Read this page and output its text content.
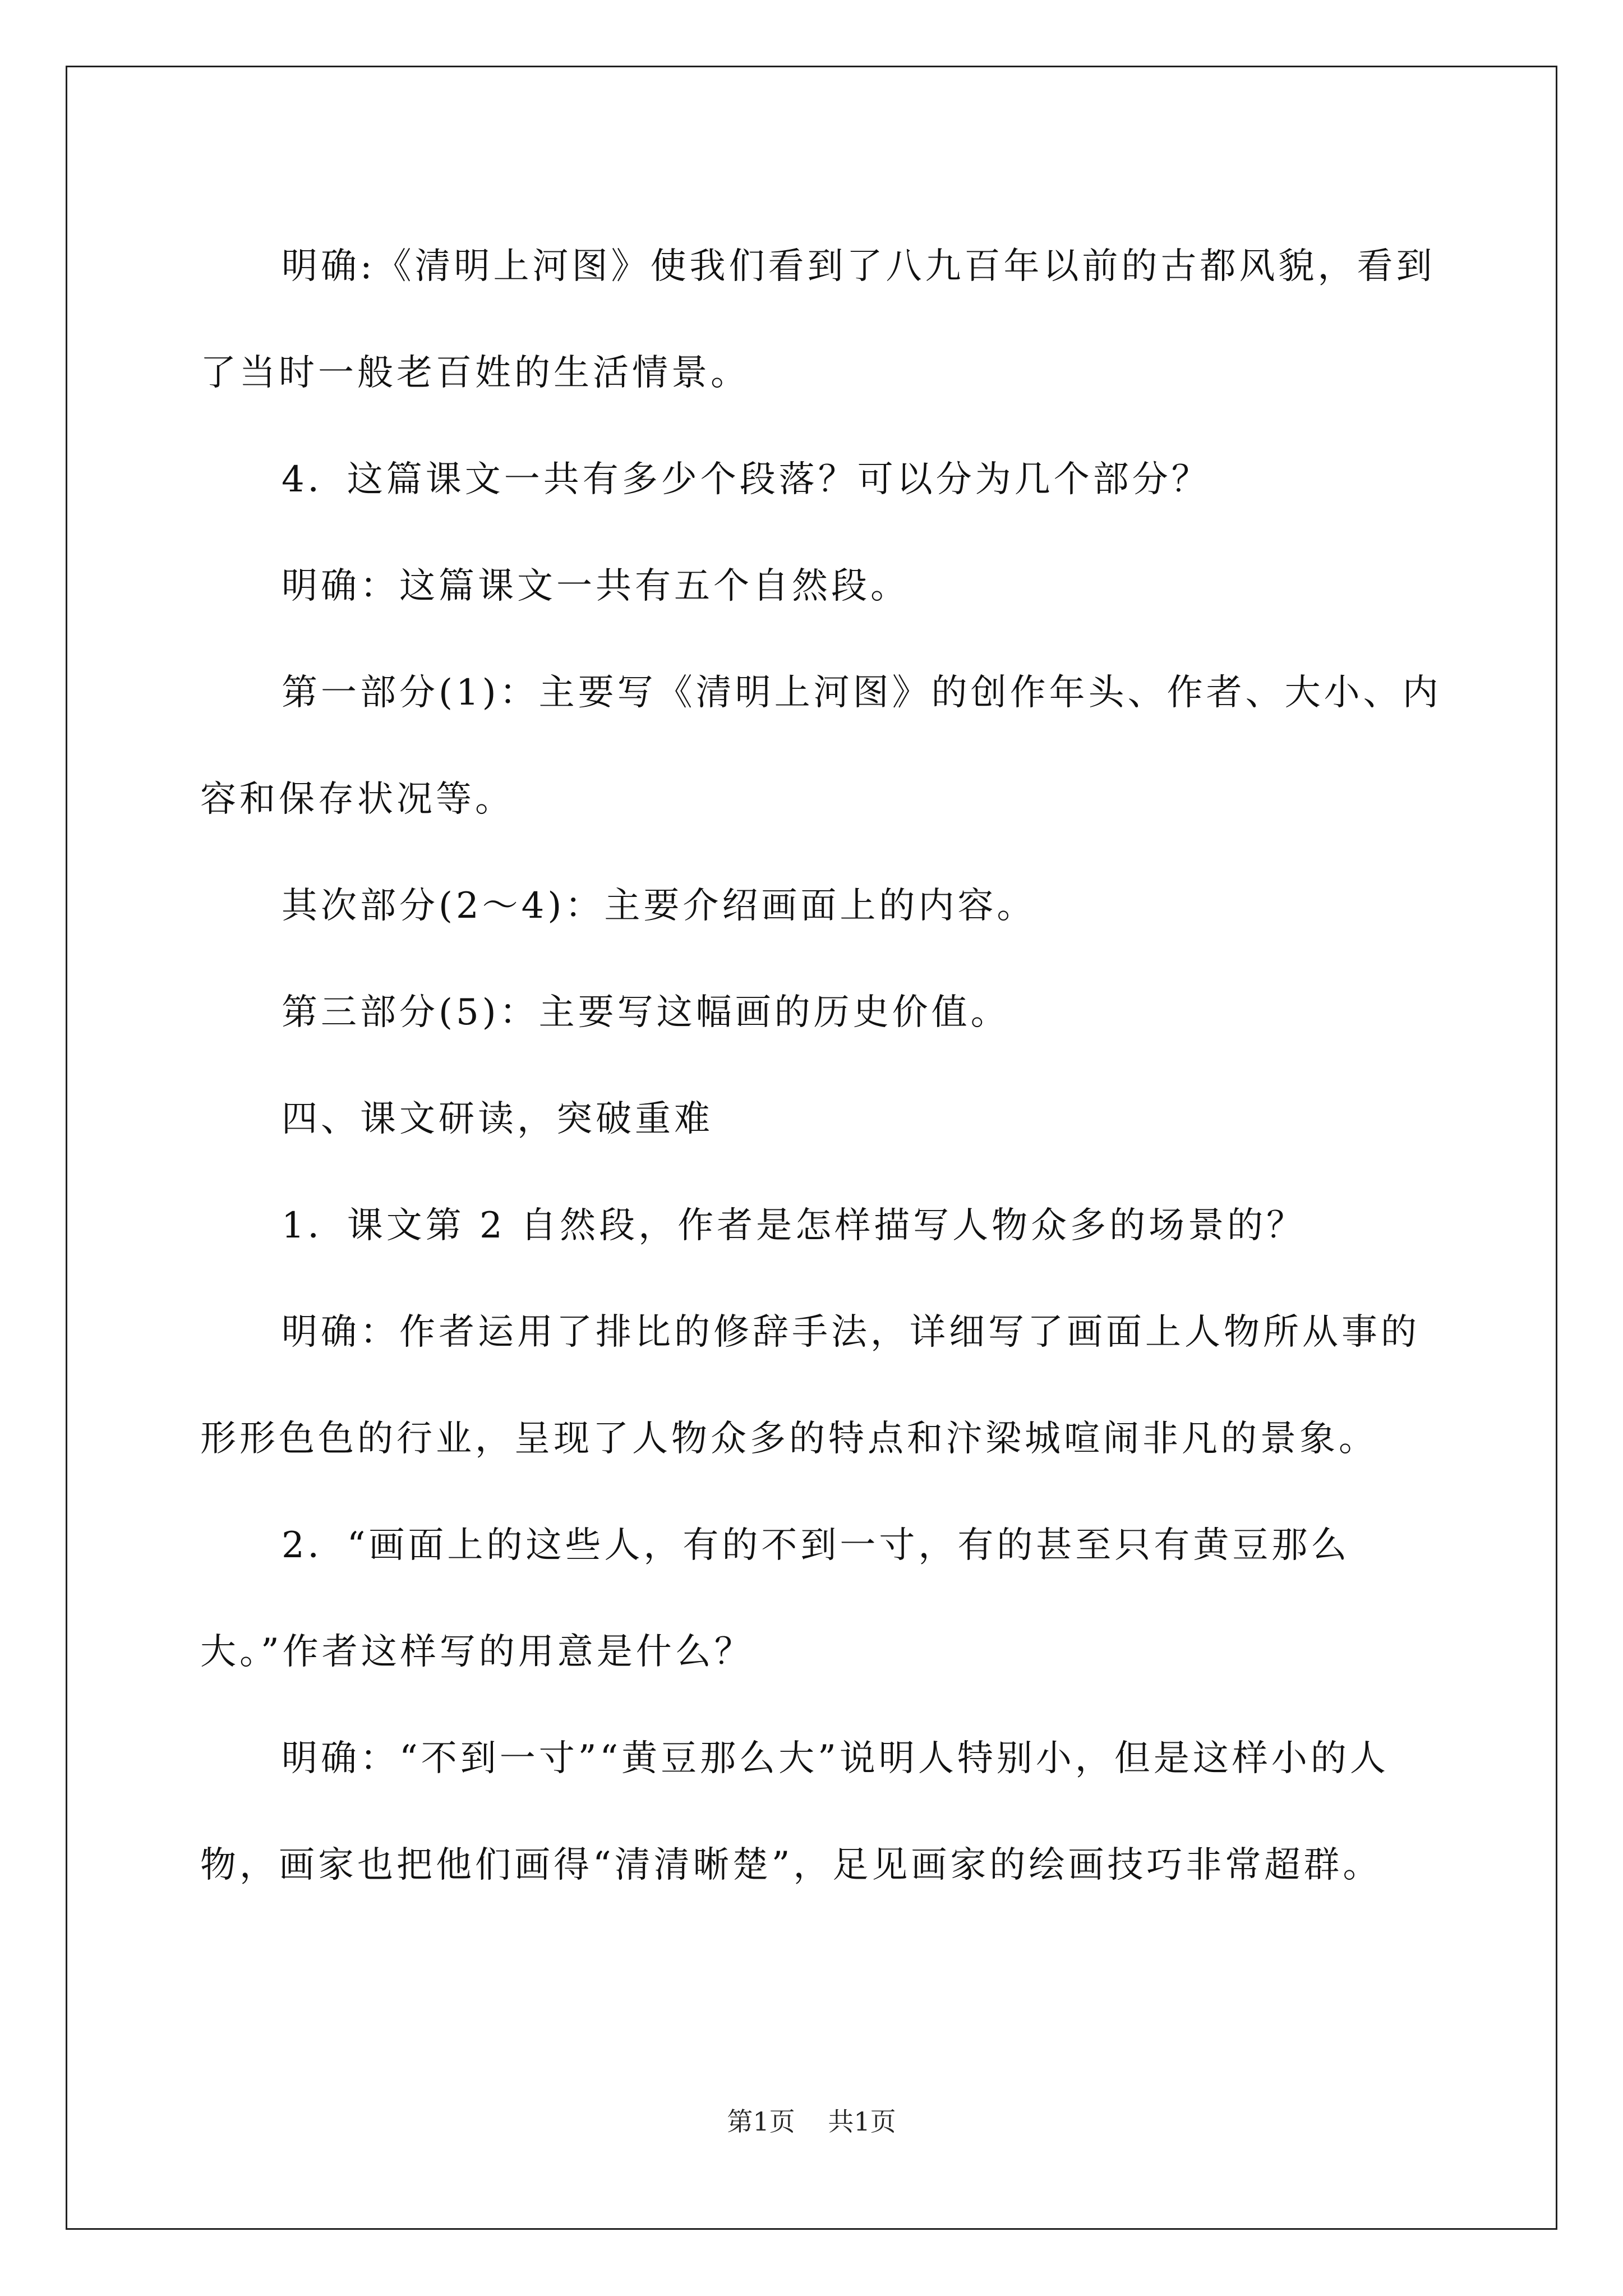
明确:《清明上河图》使我们看到了八九百年以前的古都风貌，看到了当时一般老百姓的生活情景。

4．这篇课文一共有多少个段落？可以分为几个部分？

明确：这篇课文一共有五个自然段。

第一部分(1)：主要写《清明上河图》的创作年头、作者、大小、内容和保存状况等。

其次部分(2～4)：主要介绍画面上的内容。

第三部分(5)：主要写这幅画的历史价值。

四、课文研读，突破重难

1．课文第 2 自然段，作者是怎样描写人物众多的场景的？

明确：作者运用了排比的修辞手法，详细写了画面上人物所从事的形形色色的行业，呈现了人物众多的特点和汴梁城喧闹非凡的景象。

2．“画面上的这些人，有的不到一寸，有的甚至只有黄豆那么大。”作者这样写的用意是什么？

明确：“不到一寸”“黄豆那么大”说明人特别小，但是这样小的人物，画家也把他们画得“清清晰楚”，足见画家的绘画技巧非常超群。

第1页 共1页
